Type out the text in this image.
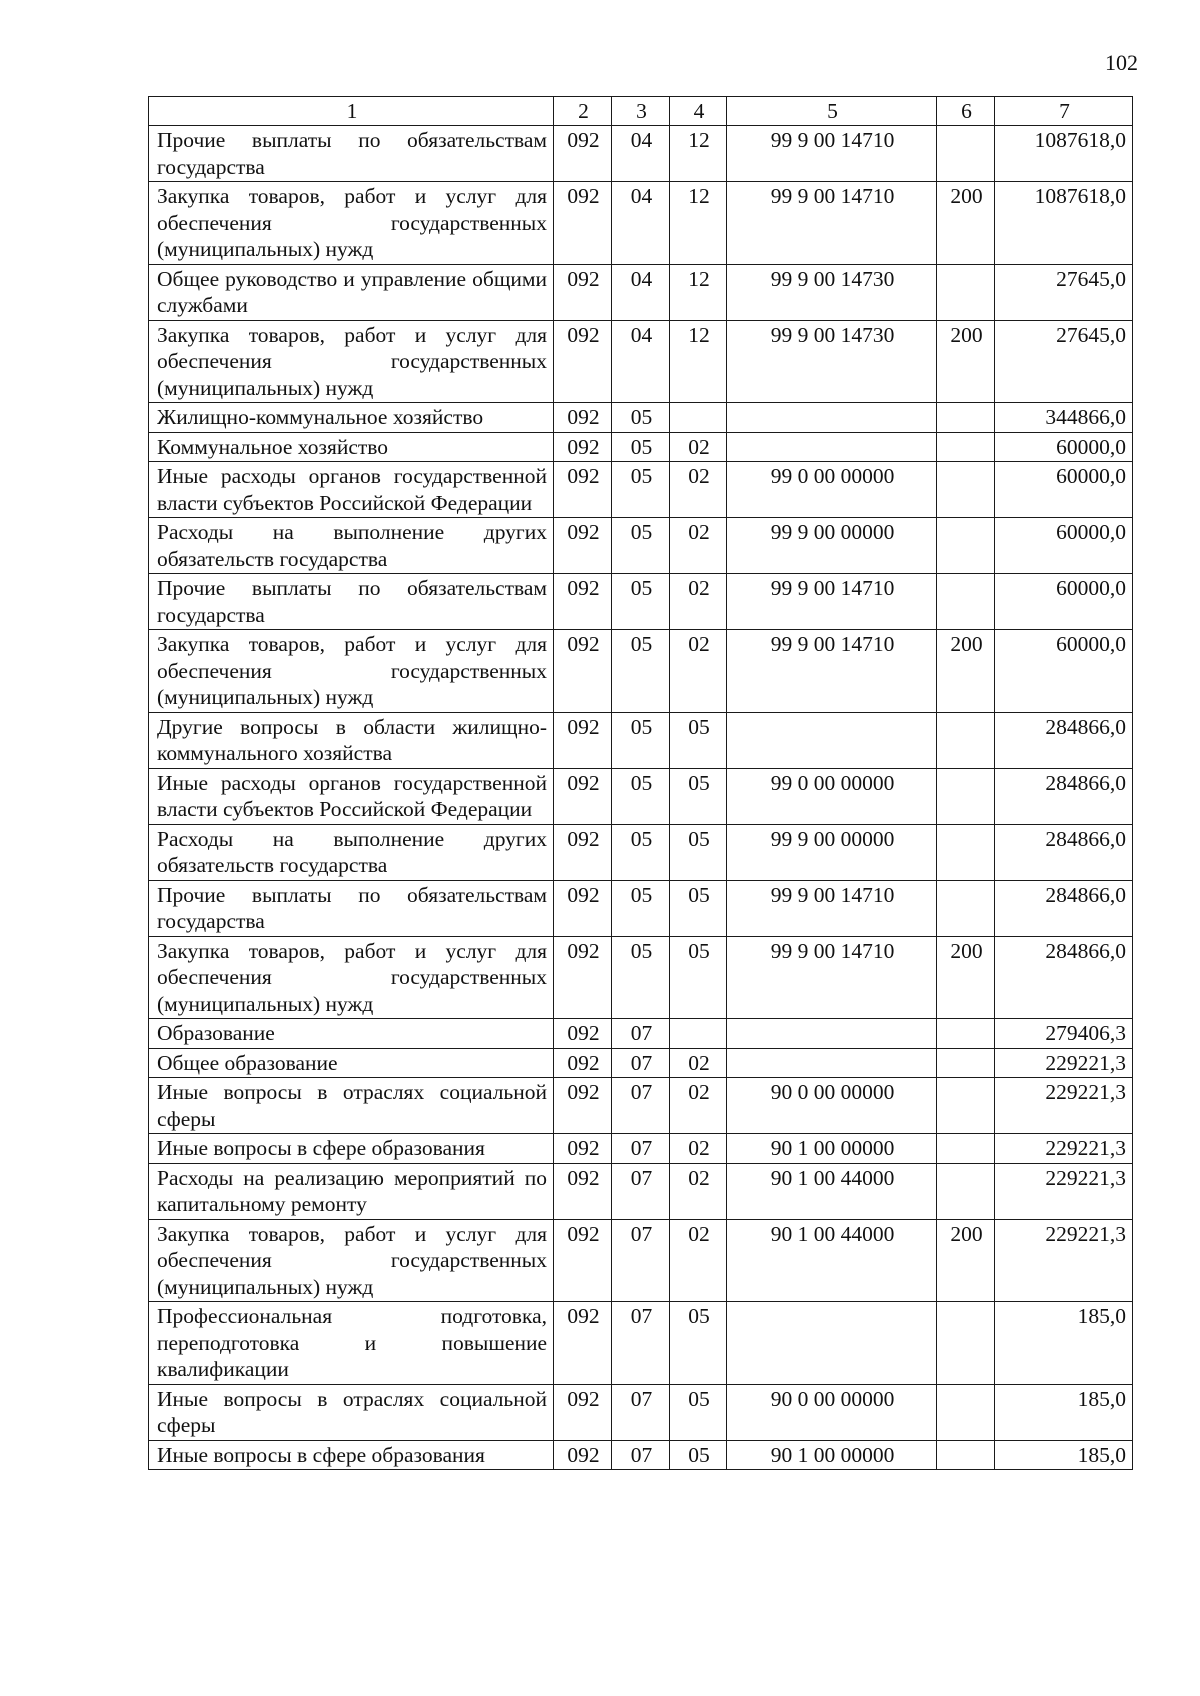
102
1	2	3	4	5	6	7
Прочие выплаты по обязательствам государства	092	04	12	99 9 00 14710		1087618,0
Закупка товаров, работ и услуг для обеспечения государственных (муниципальных) нужд	092	04	12	99 9 00 14710	200	1087618,0
Общее руководство и управление общими службами	092	04	12	99 9 00 14730		27645,0
Закупка товаров, работ и услуг для обеспечения государственных (муниципальных) нужд	092	04	12	99 9 00 14730	200	27645,0
Жилищно-коммунальное хозяйство	092	05				344866,0
Коммунальное хозяйство	092	05	02			60000,0
Иные расходы органов государственной власти субъектов Российской Федерации	092	05	02	99 0 00 00000		60000,0
Расходы на выполнение других обязательств государства	092	05	02	99 9 00 00000		60000,0
Прочие выплаты по обязательствам государства	092	05	02	99 9 00 14710		60000,0
Закупка товаров, работ и услуг для обеспечения государственных (муниципальных) нужд	092	05	02	99 9 00 14710	200	60000,0
Другие вопросы в области жилищно-коммунального хозяйства	092	05	05			284866,0
Иные расходы органов государственной власти субъектов Российской Федерации	092	05	05	99 0 00 00000		284866,0
Расходы на выполнение других обязательств государства	092	05	05	99 9 00 00000		284866,0
Прочие выплаты по обязательствам государства	092	05	05	99 9 00 14710		284866,0
Закупка товаров, работ и услуг для обеспечения государственных (муниципальных) нужд	092	05	05	99 9 00 14710	200	284866,0
Образование	092	07				279406,3
Общее образование	092	07	02			229221,3
Иные вопросы в отраслях социальной сферы	092	07	02	90 0 00 00000		229221,3
Иные вопросы в сфере образования	092	07	02	90 1 00 00000		229221,3
Расходы на реализацию мероприятий по капитальному ремонту	092	07	02	90 1 00 44000		229221,3
Закупка товаров, работ и услуг для обеспечения государственных (муниципальных) нужд	092	07	02	90 1 00 44000	200	229221,3
Профессиональная подготовка, переподготовка и повышение квалификации	092	07	05			185,0
Иные вопросы в отраслях социальной сферы	092	07	05	90 0 00 00000		185,0
Иные вопросы в сфере образования	092	07	05	90 1 00 00000		185,0
